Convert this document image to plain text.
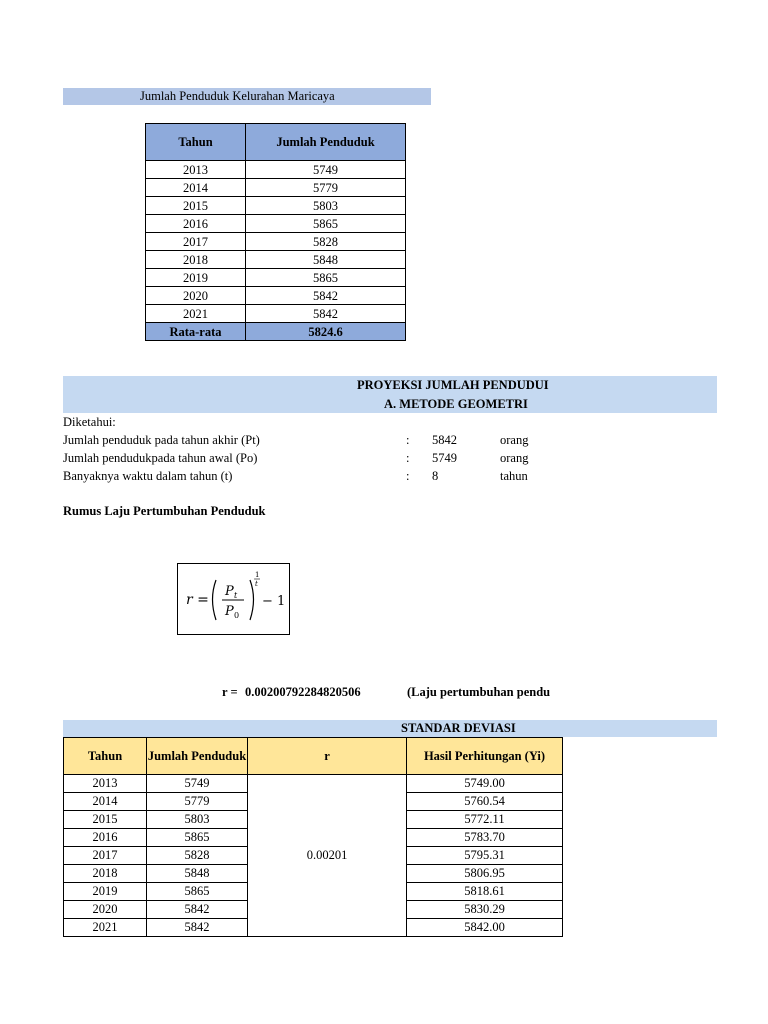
Jumlah Penduduk Kelurahan Maricaya
Tahun	Jumlah Penduduk
2013	5749
2014	5779
2015	5803
2016	5865
2017	5828
2018	5848
2019	5865
2020	5842
2021	5842
Rata-rata	5824.6
PROYEKSI JUMLAH PENDUDUI
A. METODE GEOMETRI
Diketahui:
Jumlah penduduk pada tahun akhir (Pt)	: 5842	orang
Jumlah pendudukpada tahun awal (Po)	: 5749	orang
Banyaknya waktu dalam tahun (t)	: 8	tahun
Rumus Laju Pertumbuhan Penduduk
r =
P t
P 0
1
t
− 1
r = 0.00200792284820506	(Laju pertumbuhan pendu
STANDAR DEVIASI
Tahun	Jumlah Penduduk	r	Hasil Perhitungan (Yi)
2013	5749	0.00201	5749.00
2014	5779		5760.54
2015	5803		5772.11
2016	5865		5783.70
2017	5828		5795.31
2018	5848		5806.95
2019	5865		5818.61
2020	5842		5830.29
2021	5842		5842.00
